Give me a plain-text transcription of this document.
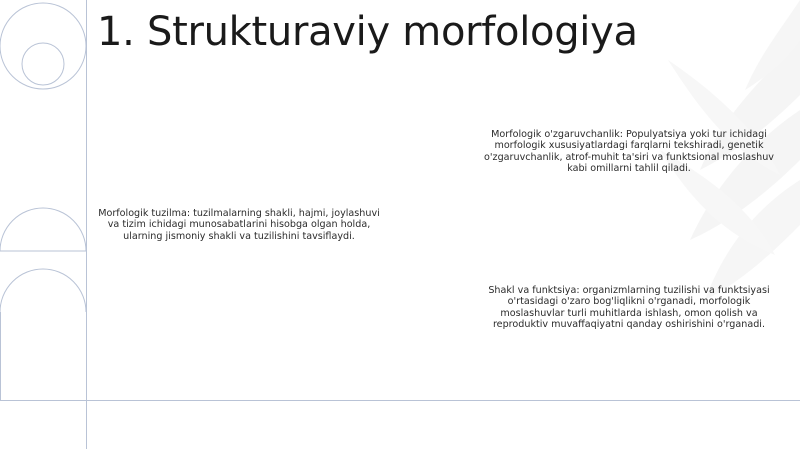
1. Strukturaviy morfologiya

Morfologik o'zgaruvchanlik: Populyatsiya yoki tur ichidagi morfologik xususiyatlardagi farqlarni tekshiradi, genetik o'zgaruvchanlik, atrof-muhit ta'siri va funktsional moslashuv kabi omillarni tahlil qiladi.

Morfologik tuzilma: tuzilmalarning shakli, hajmi, joylashuvi va tizim ichidagi munosabatlarini hisobga olgan holda, ularning jismoniy shakli va tuzilishini tavsiflaydi.

Shakl va funktsiya: organizmlarning tuzilishi va funktsiyasi o'rtasidagi o'zaro bog'liqlikni o'rganadi, morfologik moslashuvlar turli muhitlarda ishlash, omon qolish va reproduktiv muvaffaqiyatni qanday oshirishini o'rganadi.
